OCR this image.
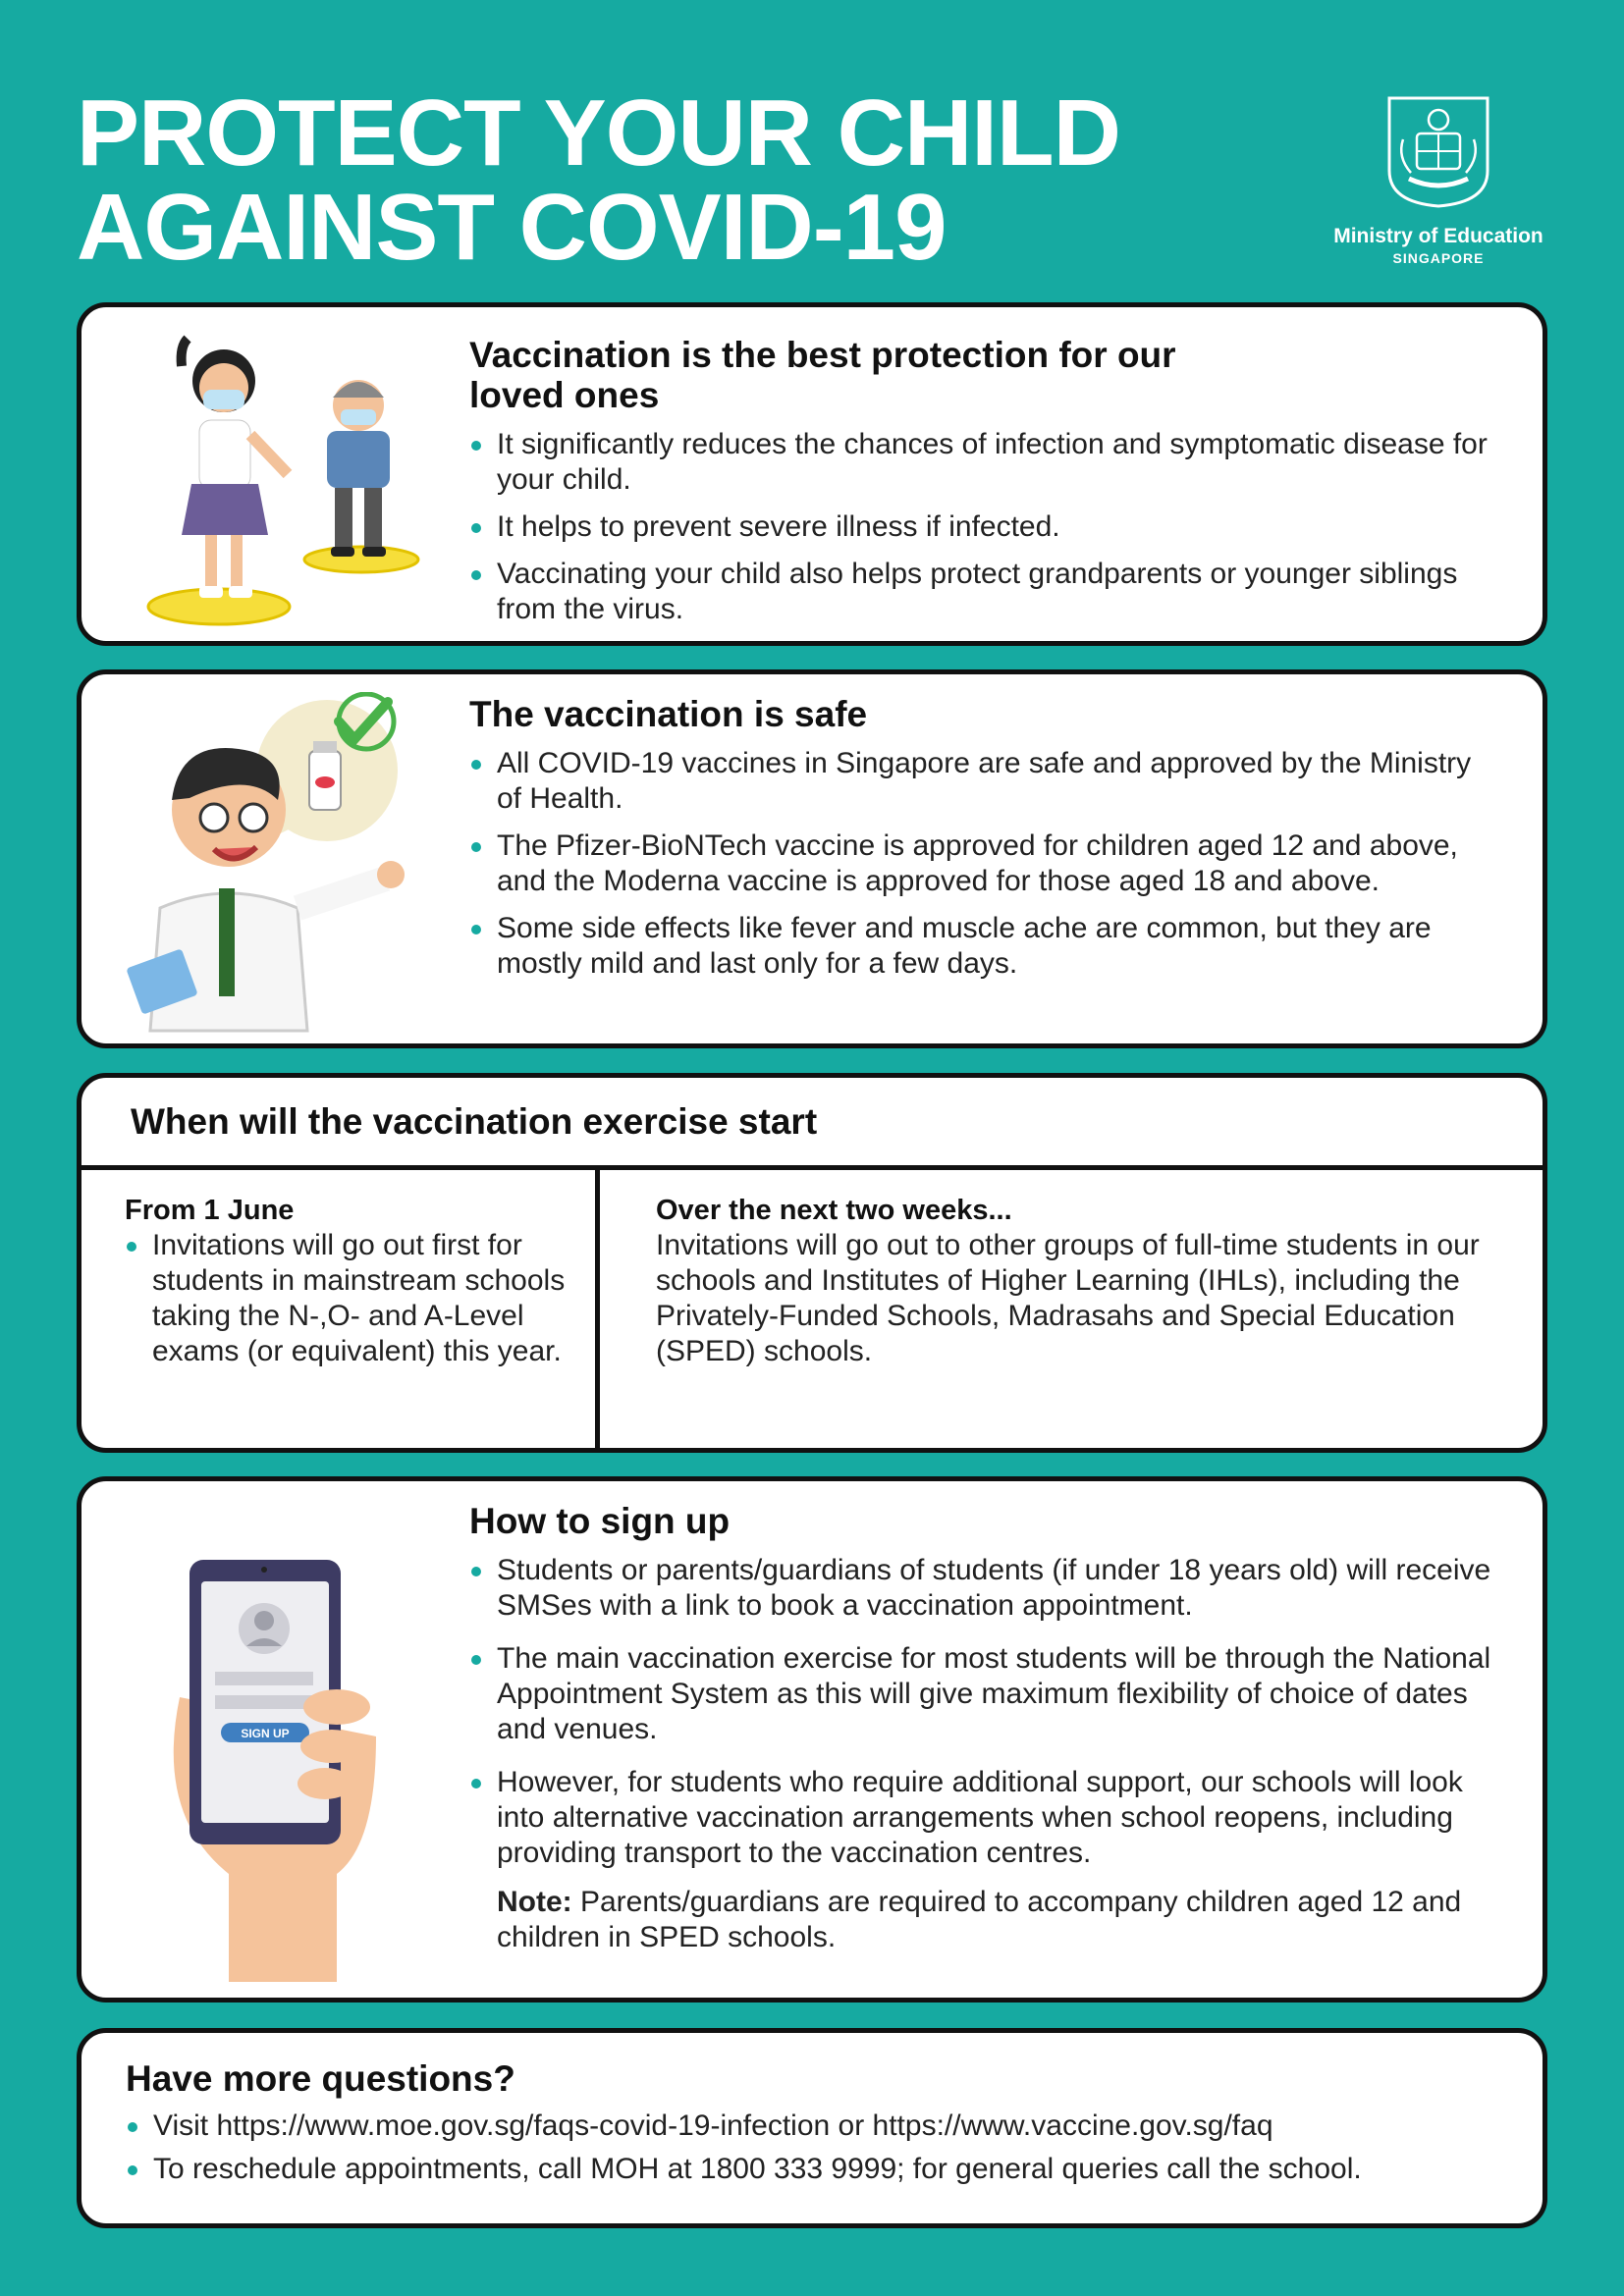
PROTECT YOUR CHILD
AGAINST COVID-19	Ministry of Education
SINGAPORE
Vaccination is the best protection for our
loved ones
It significantly reduces the chances of infection and symptomatic disease for your child.
It helps to prevent severe illness if infected.
Vaccinating your child also helps protect grandparents or younger siblings from the virus.
The vaccination is safe
All COVID-19 vaccines in Singapore are safe and approved by the Ministry of Health.
The Pfizer-BioNTech vaccine is approved for children aged 12 and above, and the Moderna vaccine is approved for those aged 18 and above.
Some side effects like fever and muscle ache are common, but they are mostly mild and last only for a few days.
When will the vaccination exercise start
From 1 June
Invitations will go out first for students in mainstream schools taking the N-,O- and A-Level exams (or equivalent) this year.
Over the next two weeks...

Invitations will go out to other groups of full-time students in our schools and Institutes of Higher Learning (IHLs), including the Privately-Funded Schools, Madrasahs and Special Education (SPED) schools.

SIGN UP
How to sign up
Students or parents/guardians of students (if under 18 years old) will receive SMSes with a link to book a vaccination appointment.
The main vaccination exercise for most students will be through the National Appointment System as this will give maximum flexibility of choice of dates and venues.
However, for students who require additional support, our schools will look into alternative vaccination arrangements when school reopens, including providing transport to the vaccination centres.

Note: Parents/guardians are required to accompany children aged 12 and children in SPED schools.

Have more questions?
Visit https://www.moe.gov.sg/faqs-covid-19-infection or https://www.vaccine.gov.sg/faq
To reschedule appointments, call MOH at 1800 333 9999; for general queries call the school.
